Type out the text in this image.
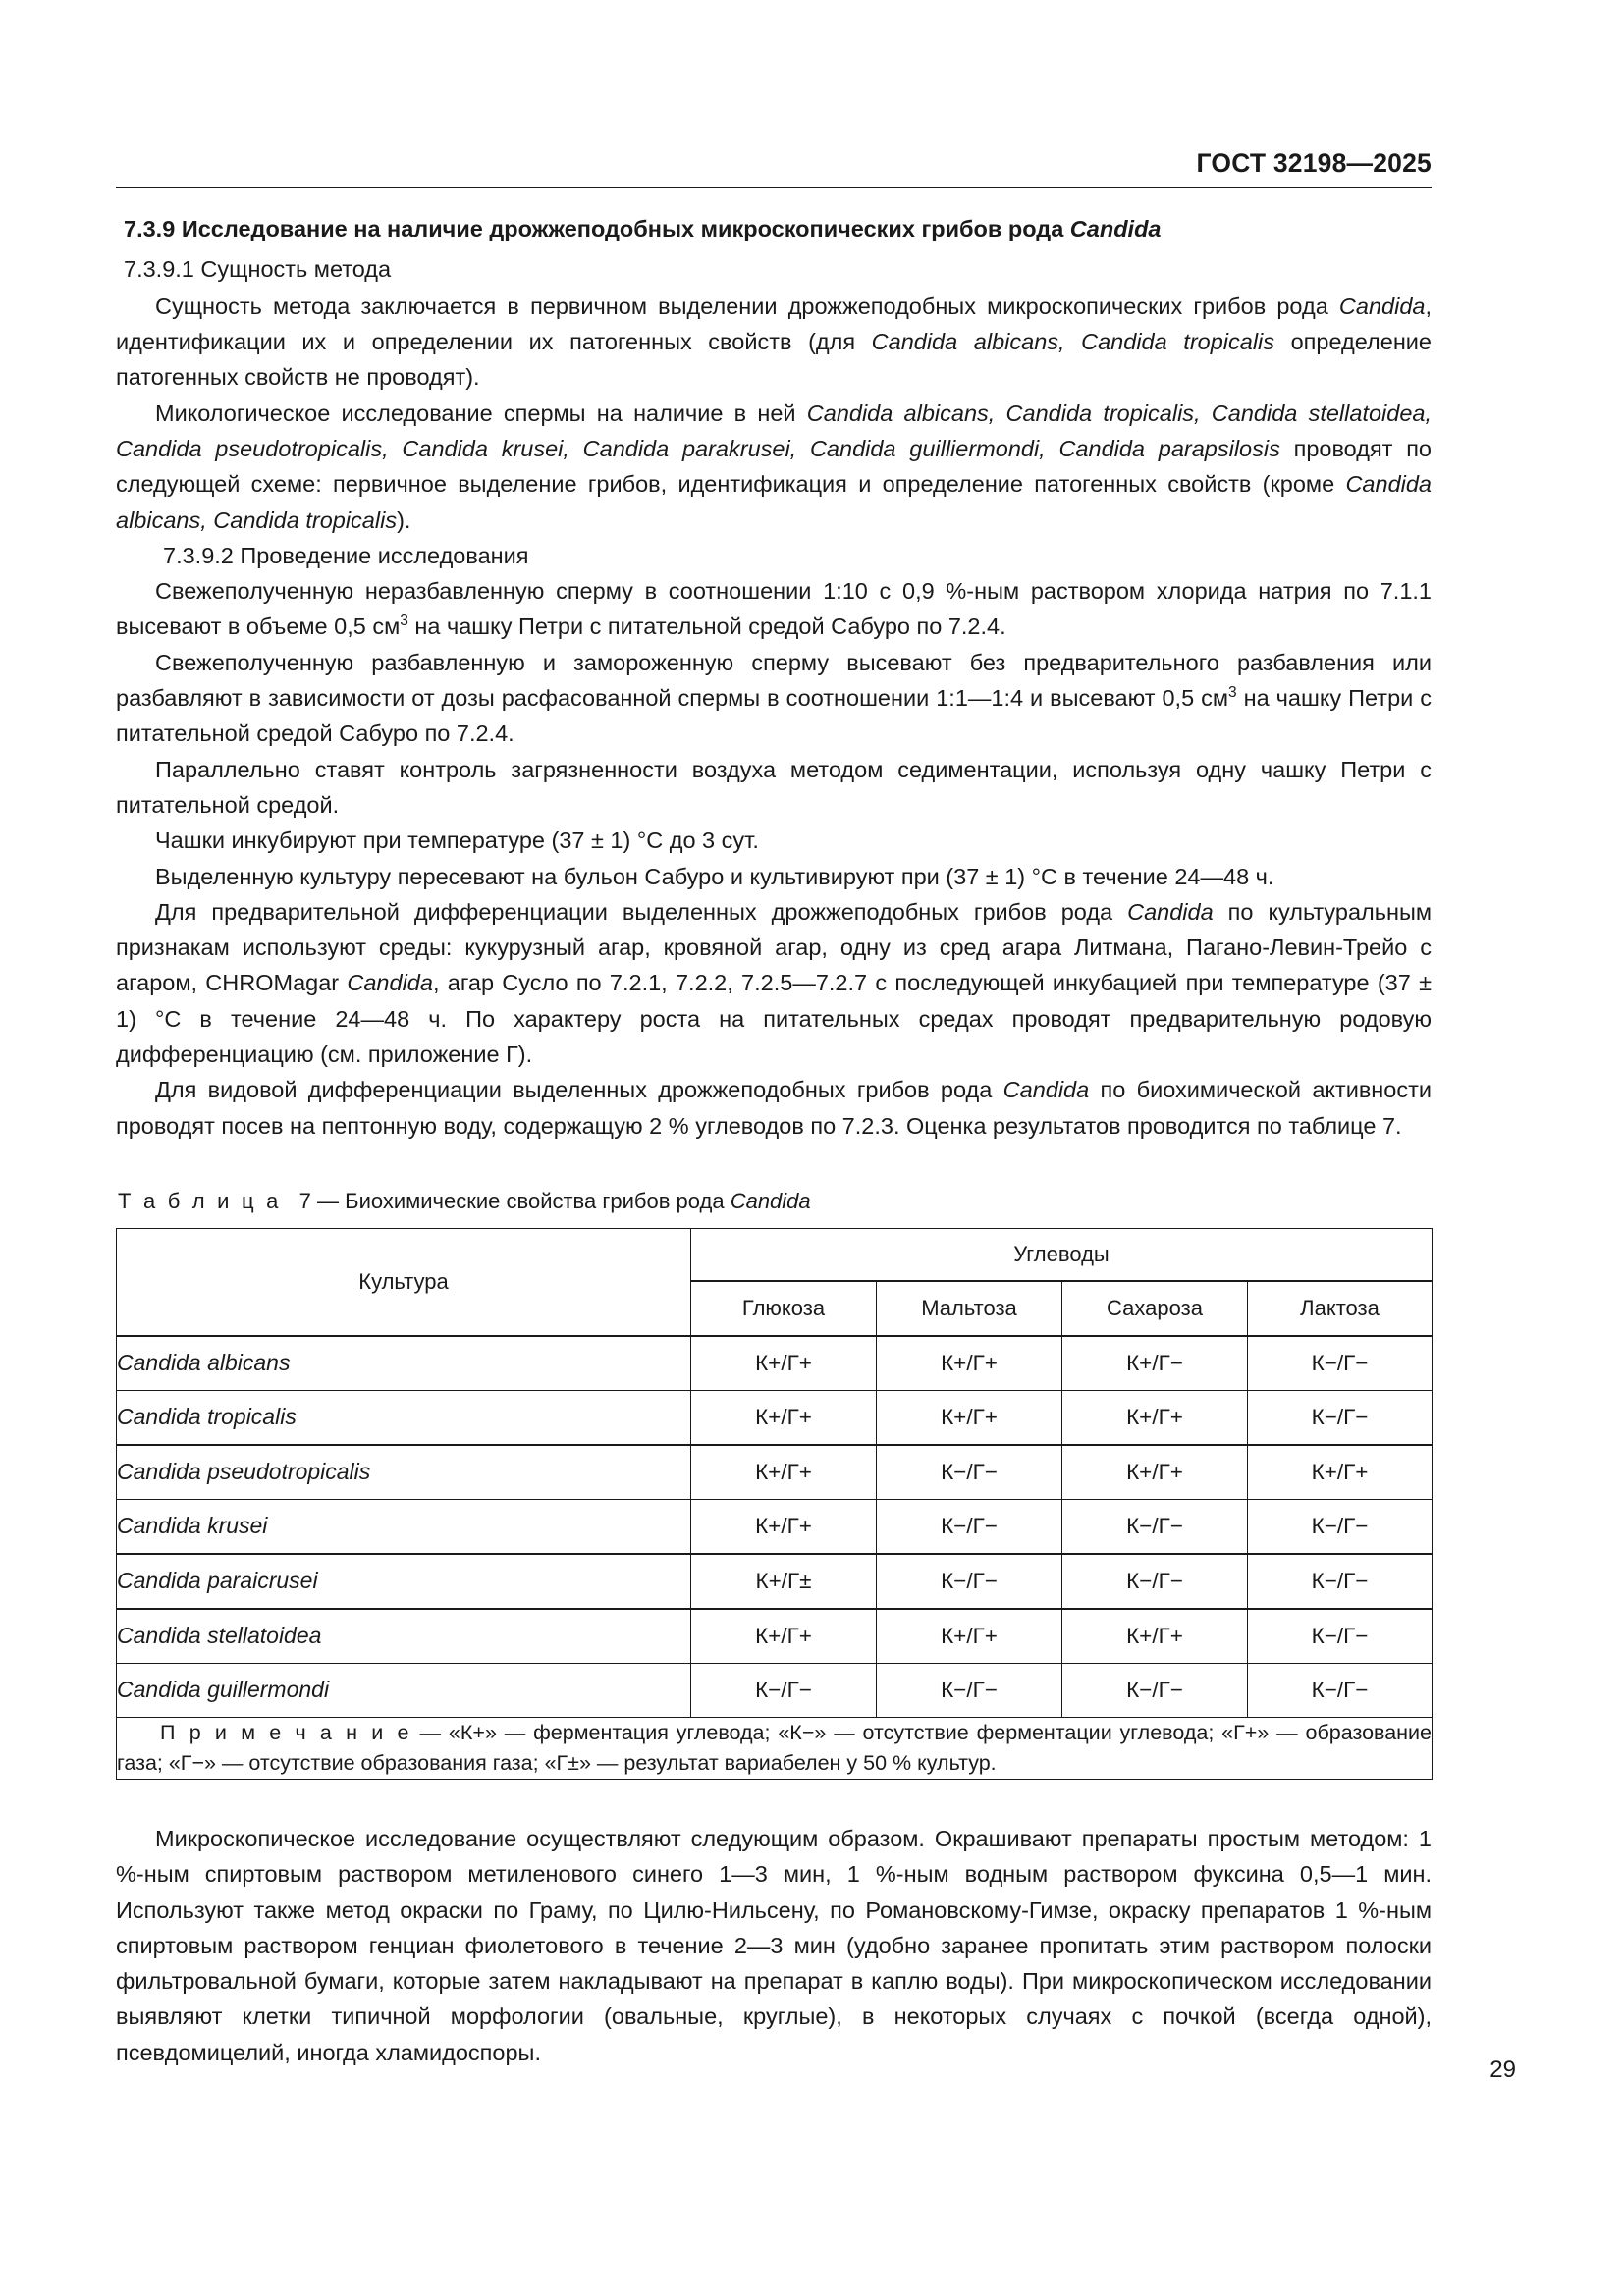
ГОСТ 32198—2025
7.3.9 Исследование на наличие дрожжеподобных микроскопических грибов рода Candida

7.3.9.1 Сущность метода

Сущность метода заключается в первичном выделении дрожжеподобных микроскопических грибов рода Candida, идентификации их и определении их патогенных свойств (для Candida albicans, Candida tropicalis определение патогенных свойств не проводят).

Микологическое исследование спермы на наличие в ней Candida albicans, Candida tropicalis, Candida stellatoidea, Candida pseudotropicalis, Candida krusei, Candida parakrusei, Candida guilliermondi, Candida parapsilosis проводят по следующей схеме: первичное выделение грибов, идентификация и определение патогенных свойств (кроме Candida albicans, Candida tropicalis).

7.3.9.2 Проведение исследования

Свежеполученную неразбавленную сперму в соотношении 1:10 с 0,9 %-ным раствором хлорида натрия по 7.1.1 высевают в объеме 0,5 $см^3$ на чашку Петри с питательной средой Сабуро по 7.2.4.

Свежеполученную разбавленную и замороженную сперму высевают без предварительного разбавления или разбавляют в зависимости от дозы расфасованной спермы в соотношении 1:1—1:4 и высевают 0,5 $см^3$ на чашку Петри с питательной средой Сабуро по 7.2.4.

Параллельно ставят контроль загрязненности воздуха методом седиментации, используя одну чашку Петри с питательной средой.

Чашки инкубируют при температуре (37 ± 1) °С до 3 сут.

Выделенную культуру пересевают на бульон Сабуро и культивируют при (37 ± 1) °С в течение 24—48 ч.

Для предварительной дифференциации выделенных дрожжеподобных грибов рода Candida по культуральным признакам используют среды: кукурузный агар, кровяной агар, одну из сред агара Литмана, Пагано-Левин-Трейо с агаром, CHROMagar Candida, агар Сусло по 7.2.1, 7.2.2, 7.2.5—7.2.7 с последующей инкубацией при температуре (37 ± 1) °С в течение 24—48 ч. По характеру роста на питательных средах проводят предварительную родовую дифференциацию (см. приложение Г).

Для видовой дифференциации выделенных дрожжеподобных грибов рода Candida по биохимической активности проводят посев на пептонную воду, содержащую 2 % углеводов по 7.2.3. Оценка результатов проводится по таблице 7.

Т а б л и ц а 7 — Биохимические свойства грибов рода Candida

Культура	Углеводы			
	Глюкоза	Мальтоза	Сахароза	Лактоза
Candida albicans	К+/Г+	К+/Г+	К+/Г−	К−/Г−
Candida tropicalis	К+/Г+	К+/Г+	К+/Г+	К−/Г−
Candida pseudotropicalis	К+/Г+	К−/Г−	К+/Г+	К+/Г+
Candida krusei	К+/Г+	К−/Г−	К−/Г−	К−/Г−
Candida paraicrusei	К+/Г±	К−/Г−	К−/Г−	К−/Г−
Candida stellatoidea	К+/Г+	К+/Г+	К+/Г+	К−/Г−
Candida guillermondi	К−/Г−	К−/Г−	К−/Г−	К−/Г−
П р и м е ч а н и е — «К+» — ферментация углевода; «К−» — отсутствие ферментации углевода; «Г+» — образование газа; «Г−» — отсутствие образования газа; «Г±» — результат вариабелен у 50 % культур.				

Микроскопическое исследование осуществляют следующим образом. Окрашивают препараты простым методом: 1 %-ным спиртовым раствором метиленового синего 1—3 мин, 1 %-ным водным раствором фуксина 0,5—1 мин. Используют также метод окраски по Граму, по Цилю-Нильсену, по Романовскому-Гимзе, окраску препаратов 1 %-ным спиртовым раствором генциан фиолетового в течение 2—3 мин (удобно заранее пропитать этим раствором полоски фильтровальной бумаги, которые затем накладывают на препарат в каплю воды). При микроскопическом исследовании выявляют клетки типичной морфологии (овальные, круглые), в некоторых случаях с почкой (всегда одной), псевдомицелий, иногда хламидоспоры.

29
